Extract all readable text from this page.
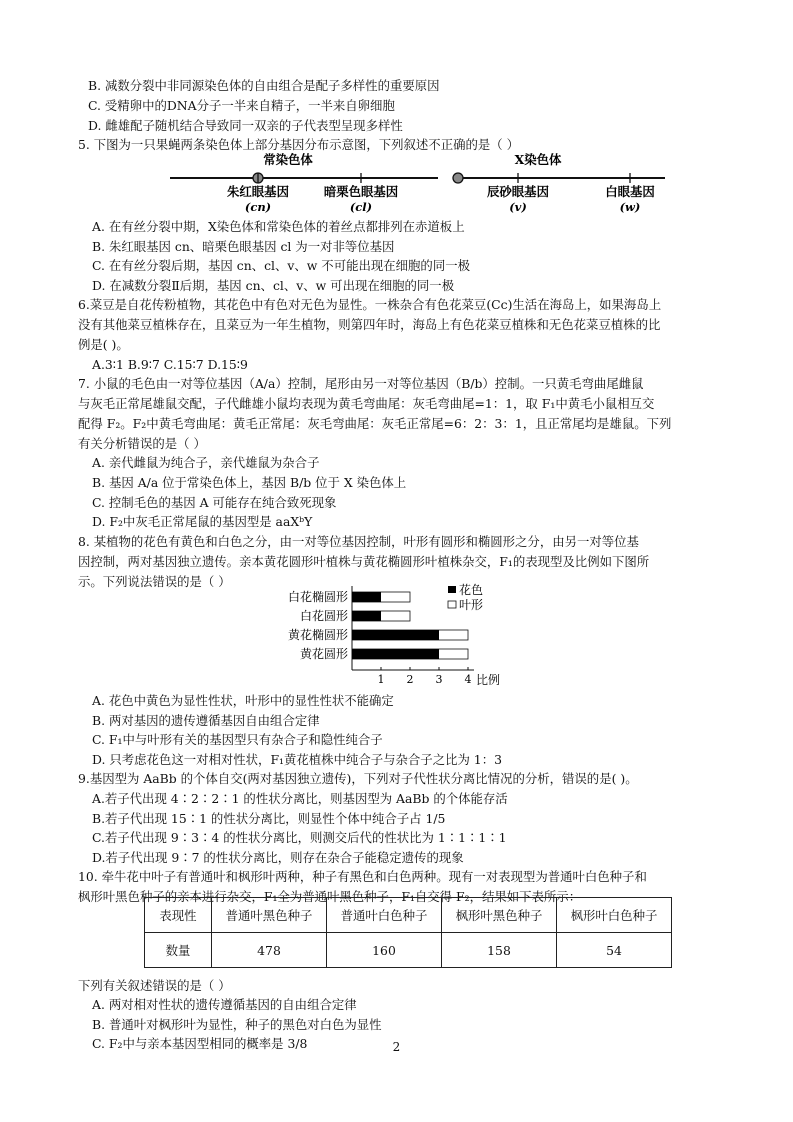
B. 减数分裂中非同源染色体的自由组合是配子多样性的重要原因
C. 受精卵中的DNA分子一半来自精子，一半来自卵细胞
D. 雌雄配子随机结合导致同一双亲的子代表型呈现多样性
5. 下图为一只果蝇两条染色体上部分基因分布示意图，下列叙述不正确的是（ ）
A. 在有丝分裂中期，X染色体和常染色体的着丝点都排列在赤道板上
B. 朱红眼基因 cn、暗栗色眼基因 cl 为一对非等位基因
C. 在有丝分裂后期，基因 cn、cl、v、w 不可能出现在细胞的同一极
D. 在减数分裂Ⅱ后期，基因 cn、cl、v、w 可出现在细胞的同一极
6.菜豆是自花传粉植物，其花色中有色对无色为显性。一株杂合有色花菜豆(Cc)生活在海岛上，如果海岛上
没有其他菜豆植株存在，且菜豆为一年生植物，则第四年时，海岛上有色花菜豆植株和无色花菜豆植株的比
例是( )。
A.3∶1 B.9∶7 C.15∶7 D.15∶9
7. 小鼠的毛色由一对等位基因（A/a）控制，尾形由另一对等位基因（B/b）控制。一只黄毛弯曲尾雌鼠
与灰毛正常尾雄鼠交配，子代雌雄小鼠均表现为黄毛弯曲尾：灰毛弯曲尾=1：1，取 F₁中黄毛小鼠相互交
配得 F₂。F₂中黄毛弯曲尾：黄毛正常尾：灰毛弯曲尾：灰毛正常尾=6：2：3：1，且正常尾均是雄鼠。下列
有关分析错误的是（ ）
A. 亲代雌鼠为纯合子，亲代雄鼠为杂合子
B. 基因 A/a 位于常染色体上，基因 B/b 位于 X 染色体上
C. 控制毛色的基因 A 可能存在纯合致死现象
D. F₂中灰毛正常尾鼠的基因型是 aaXᵇY
8. 某植物的花色有黄色和白色之分，由一对等位基因控制，叶形有圆形和椭圆形之分，由另一对等位基
因控制，两对基因独立遗传。亲本黄花圆形叶植株与黄花椭圆形叶植株杂交，F₁的表现型及比例如下图所
示。下列说法错误的是（ ）
A. 花色中黄色为显性性状，叶形中的显性性状不能确定
B. 两对基因的遗传遵循基因自由组合定律
C. F₁中与叶形有关的基因型只有杂合子和隐性纯合子
D. 只考虑花色这一对相对性状，F₁黄花植株中纯合子与杂合子之比为 1：3
9.基因型为 AaBb 的个体自交(两对基因独立遗传)，下列对子代性状分离比情况的分析，错误的是( )。
A.若子代出现 4∶2∶2∶1 的性状分离比，则基因型为 AaBb 的个体能存活
B.若子代出现 15∶1 的性状分离比，则显性个体中纯合子占 1/5
C.若子代出现 9∶3∶4 的性状分离比，则测交后代的性状比为 1∶1∶1∶1
D.若子代出现 9∶7 的性状分离比，则存在杂合子能稳定遗传的现象
10. 牵牛花中叶子有普通叶和枫形叶两种，种子有黑色和白色两种。现有一对表现型为普通叶白色种子和
枫形叶黑色种子的亲本进行杂交，F₁全为普通叶黑色种子，F₁自交得 F₂，结果如下表所示：
下列有关叙述错误的是（ ）
A. 两对相对性状的遗传遵循基因的自由组合定律
B. 普通叶对枫形叶为显性，种子的黑色对白色为显性
C. F₂中与亲本基因型相同的概率是 3/8
常染色体	X染色体
朱红眼基因
(cn)
暗栗色眼基因
(cl)
辰砂眼基因
(v)
白眼基因
(w)
白花椭圆形
白花圆形
黄花椭圆形
黄花圆形
1 2 3 4 比例
花色
叶形
表现性	普通叶黑色种子	普通叶白色种子	枫形叶黑色种子	枫形叶白色种子
数量	478	160	158	54
2
